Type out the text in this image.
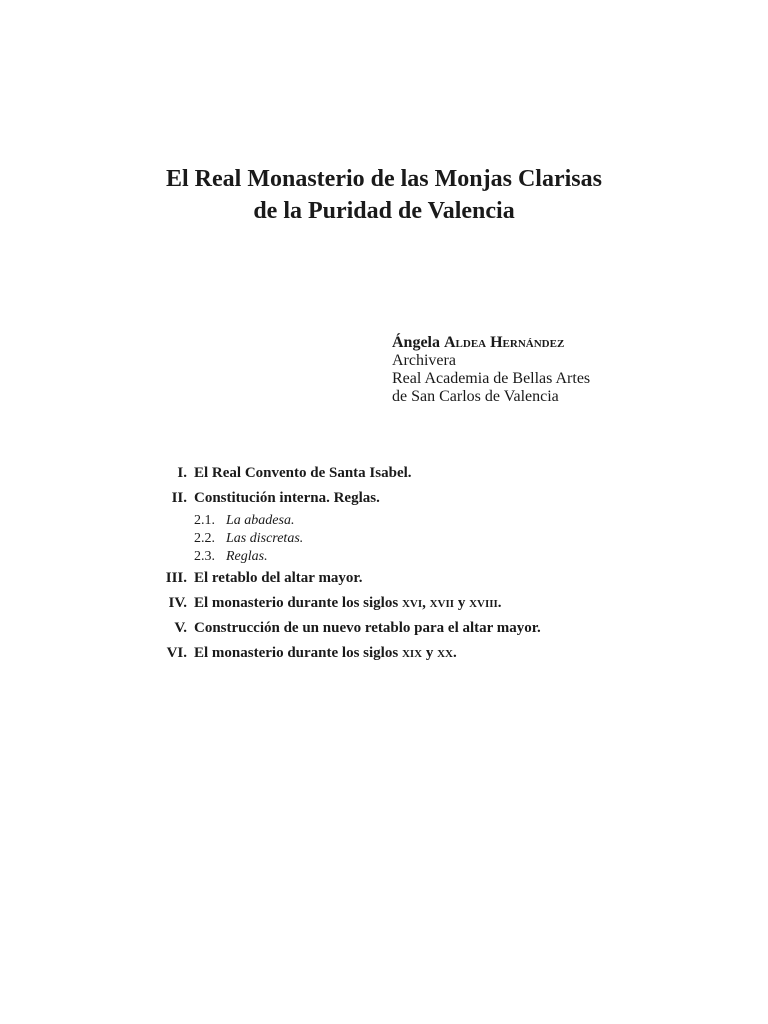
El Real Monasterio de las Monjas Clarisas
de la Puridad de Valencia
Ángela Aldea Hernández
Archivera
Real Academia de Bellas Artes
de San Carlos de Valencia
I. El Real Convento de Santa Isabel.
II. Constitución interna. Reglas.
2.1. La abadesa.
2.2. Las discretas.
2.3. Reglas.
III. El retablo del altar mayor.
IV. El monasterio durante los siglos xvi, xvii y xviii.
V. Construcción de un nuevo retablo para el altar mayor.
VI. El monasterio durante los siglos xix y xx.
